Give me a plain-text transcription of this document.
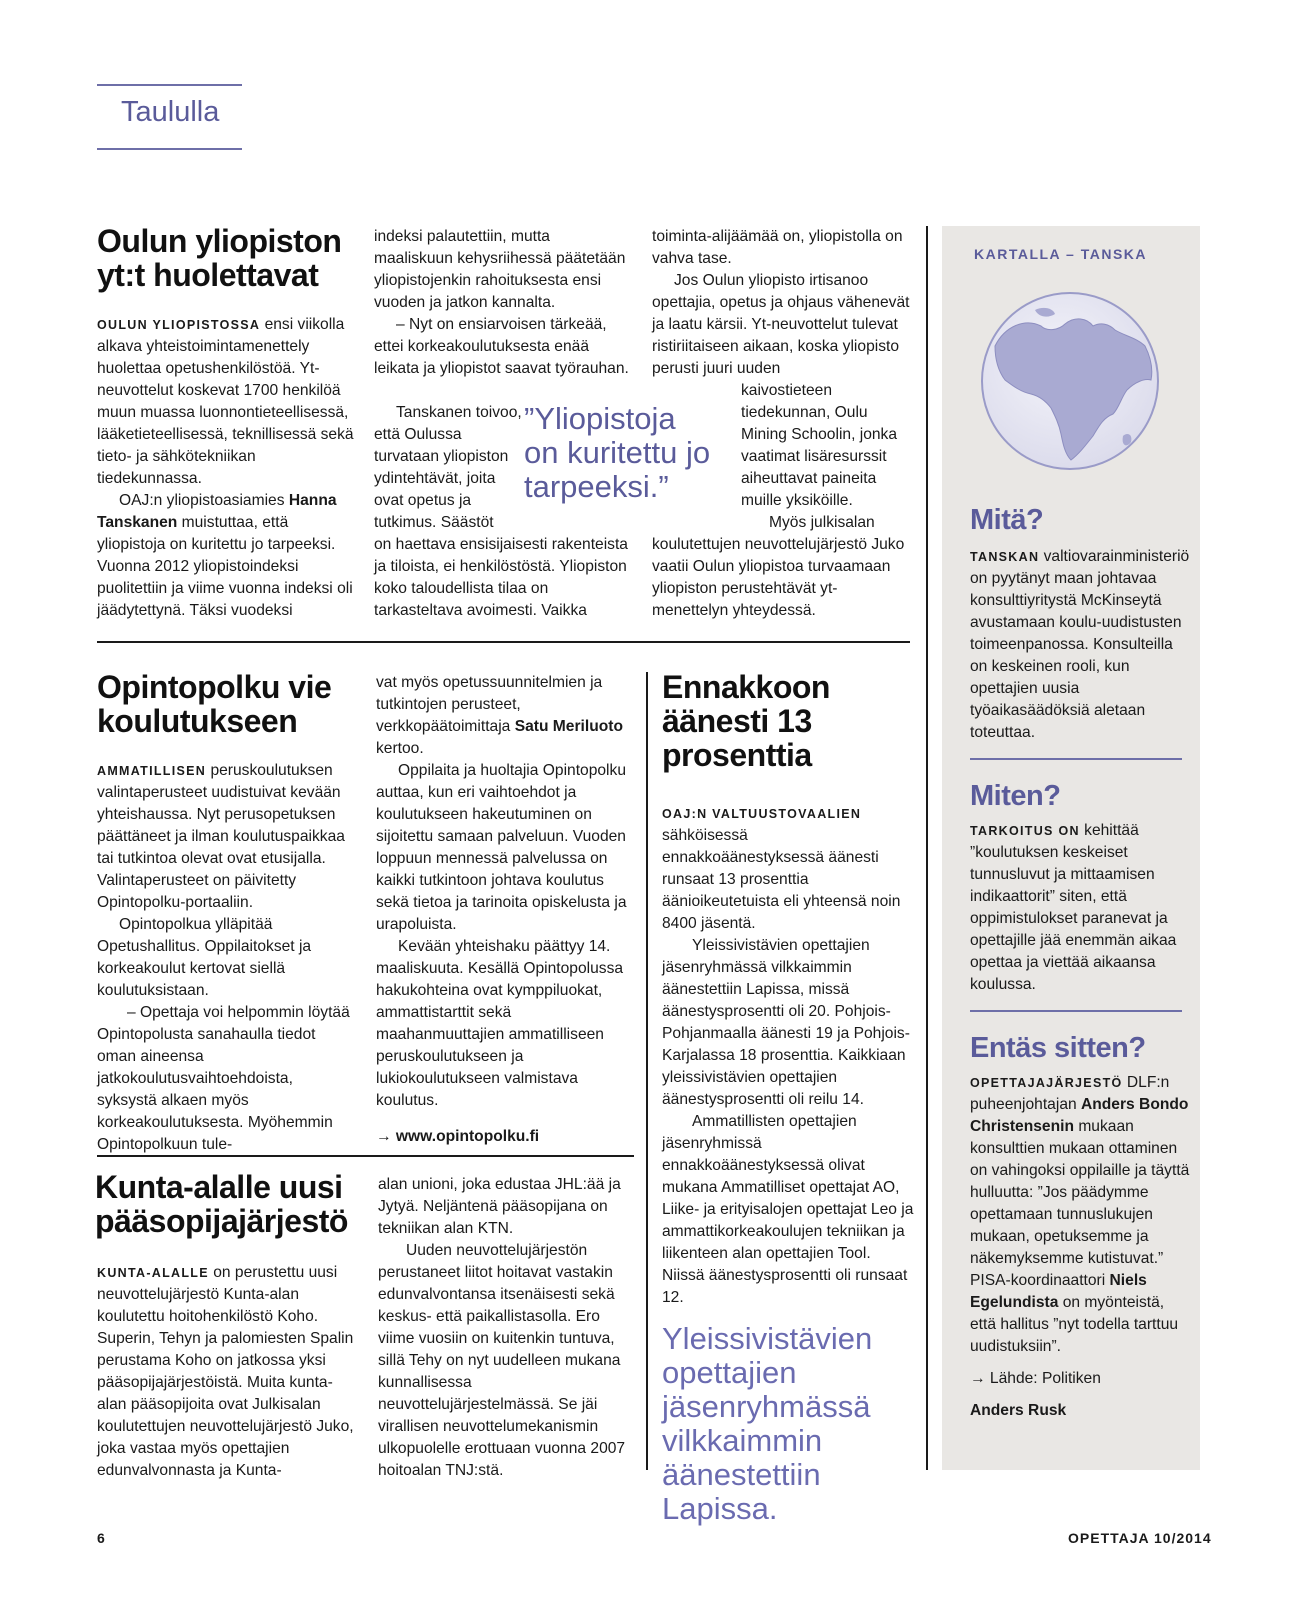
Taululla
Oulun yliopiston yt:t huolettavat

OULUN YLIOPISTOSSA ensi viikolla alkava yhteistoimintamenettely huolettaa opetushenkilöstöä. Yt-neuvottelut koskevat 1700 henkilöä muun muassa luonnontieteellisessä, lääketieteellisessä, teknillisessä sekä tieto- ja sähkötekniikan tiedekunnassa.

OAJ:n yliopistoasiamies Hanna Tanskanen muistuttaa, että yliopistoja on kuritettu jo tarpeeksi. Vuonna 2012 yliopistoindeksi puolitettiin ja viime vuonna indeksi oli jäädytettynä. Täksi vuodeksi

indeksi palautettiin, mutta maaliskuun kehysriihessä päätetään yliopistojenkin rahoituksesta ensi vuoden ja jatkon kannalta.

– Nyt on ensiarvoisen tärkeää, ettei korkeakoulutuksesta enää leikata ja yliopistot saavat työrauhan.

Tanskanen toivoo, että Oulussa turvataan yliopiston ydintehtävät, joita ovat opetus ja tutkimus. Säästöt
on haettava ensisijaisesti rakenteista ja tiloista, ei henkilöstöstä. Yliopiston koko taloudellista tilaa on tarkasteltava avoimesti. Vaikka
”Yliopistoja on kuritettu jo tarpeeksi.”

toiminta-alijäämää on, yliopistolla on vahva tase.

Jos Oulun yliopisto irtisanoo opettajia, opetus ja ohjaus vähenevät ja laatu kärsii. Yt-neuvottelut tulevat ristiriitaiseen aikaan, koska yliopisto perusti juuri uuden

kaivostieteen tiedekunnan, Oulu Mining Schoolin, jonka vaatimat lisäresurssit aiheuttavat paineita muille yksiköille.

Myös julkisalan

koulutettujen neuvottelujärjestö Juko vaatii Oulun yliopistoa turvaamaan yliopiston perustehtävät yt-menettelyn yhteydessä.
Opintopolku vie koulutukseen

AMMATILLISEN peruskoulutuksen valintaperusteet uudistuivat kevään yhteishaussa. Nyt perusopetuksen päättäneet ja ilman koulutuspaikkaa tai tutkintoa olevat ovat etusijalla. Valintaperusteet on päivitetty Opintopolku-portaaliin.

Opintopolkua ylläpitää Opetushallitus. Oppilaitokset ja korkeakoulut kertovat siellä koulutuksistaan.

– Opettaja voi helpommin löytää Opintopolusta sanahaulla tiedot oman aineensa jatkokoulutusvaihtoehdoista, syksystä alkaen myös korkeakoulutuksesta. Myöhemmin Opintopolkuun tule-

vat myös opetussuunnitelmien ja tutkintojen perusteet, verkkopäätoimittaja Satu Meriluoto kertoo.

Oppilaita ja huoltajia Opintopolku auttaa, kun eri vaihtoehdot ja koulutukseen hakeutuminen on sijoitettu samaan palveluun. Vuoden loppuun mennessä palvelussa on kaikki tutkintoon johtava koulutus sekä tietoa ja tarinoita opiskelusta ja urapoluista.

Kevään yhteishaku päättyy 14. maaliskuuta. Kesällä Opintopolussa hakukohteina ovat kymppiluokat, ammattistarttit sekä maahanmuuttajien ammatilliseen peruskoulutukseen ja lukiokoulutukseen valmistava koulutus.

→ www.opintopolku.fi

Kunta-alalle uusi pääsopijajärjestö

KUNTA-ALALLE on perustettu uusi neuvottelujärjestö Kunta-alan koulutettu hoitohenkilöstö Koho. Superin, Tehyn ja palomiesten Spalin perustama Koho on jatkossa yksi pääsopijajärjestöistä. Muita kunta-alan pääsopijoita ovat Julkisalan koulutettujen neuvottelujärjestö Juko, joka vastaa myös opettajien edunvalvonnasta ja Kunta-

alan unioni, joka edustaa JHL:ää ja Jytyä. Neljäntenä pääsopijana on tekniikan alan KTN.

Uuden neuvottelujärjestön perustaneet liitot hoitavat vastakin edunvalvontansa itsenäisesti sekä keskus- että paikallistasolla. Ero viime vuosiin on kuitenkin tuntuva, sillä Tehy on nyt uudelleen mukana kunnallisessa neuvottelujärjestelmässä. Se jäi virallisen neuvottelumekanismin ulkopuolelle erottuaan vuonna 2007 hoitoalan TNJ:stä.

Ennakkoon äänesti 13 prosenttia

OAJ:N VALTUUSTOVAALIEN sähköisessä ennakkoäänestyksessä äänesti runsaat 13 prosenttia äänioikeutetuista eli yhteensä noin 8400 jäsentä.

Yleissivistävien opettajien jäsenryhmässä vilkkaimmin äänestettiin Lapissa, missä äänestysprosentti oli 20. Pohjois-Pohjanmaalla äänesti 19 ja Pohjois-Karjalassa 18 prosenttia. Kaikkiaan yleissivistävien opettajien äänestysprosentti oli reilu 14.

Ammatillisten opettajien jäsenryhmissä ennakkoäänestyksessä olivat mukana Ammatilliset opettajat AO, Liike- ja erityisalojen opettajat Leo ja ammattikorkeakoulujen tekniikan ja liikenteen alan opettajien Tool. Niissä äänestysprosentti oli runsaat 12.

Yleissivistävien opettajien jäsenryhmässä vilkkaimmin äänestettiin Lapissa.
KARTALLA – TANSKA
Mitä?

TANSKAN valtiovarainministeriö on pyytänyt maan johtavaa konsulttiyritystä McKinseytä avustamaan koulu-uudistusten toimeenpanossa. Konsulteilla on keskeinen rooli, kun opettajien uusia työaikasäädöksiä aletaan toteuttaa.

Miten?

TARKOITUS ON kehittää ”koulutuksen keskeiset tunnusluvut ja mittaamisen indikaattorit” siten, että oppimistulokset paranevat ja opettajille jää enemmän aikaa opettaa ja viettää aikaansa koulussa.

Entäs sitten?

OPETTAJAJÄRJESTÖ DLF:n puheenjohtajan Anders Bondo Christensenin mukaan konsulttien mukaan ottaminen on vahingoksi oppilaille ja täyttä hulluutta: ”Jos päädymme opettamaan tunnuslukujen mukaan, opetuksemme ja näkemyksemme kutistuvat.” PISA-koordinaattori Niels Egelundista on myönteistä, että hallitus ”nyt todella tarttuu uudistuksiin”.

→ Lähde: Politiken

Anders Rusk

6	OPETTAJA 10/2014
